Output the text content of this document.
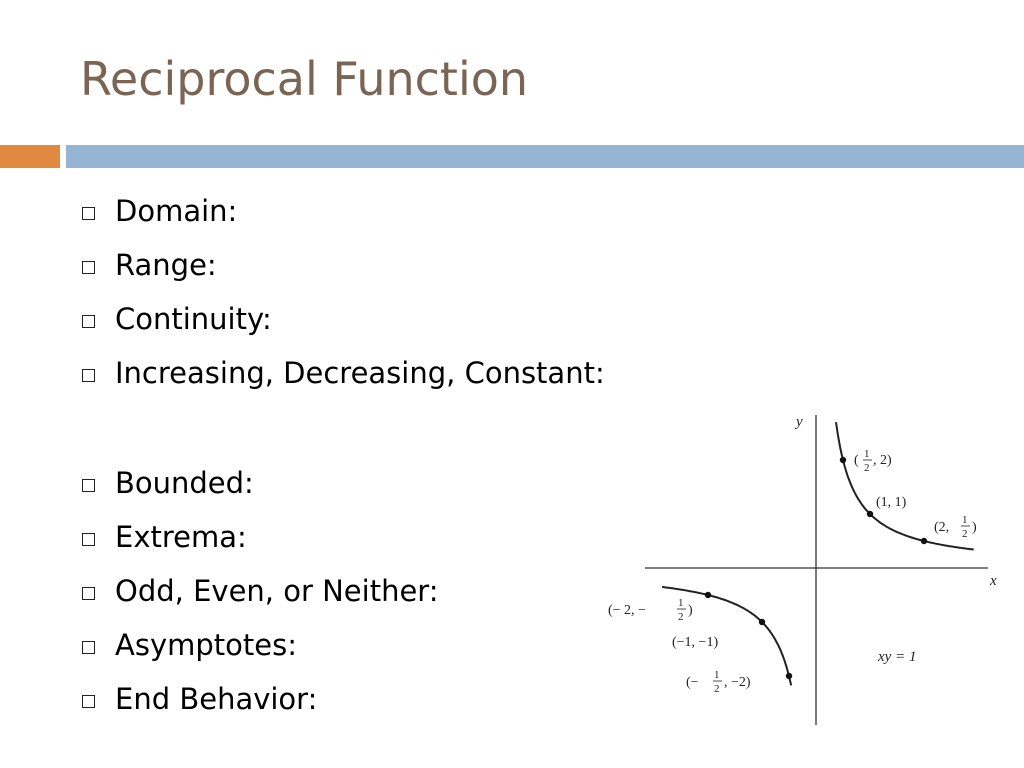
Reciprocal Function
Domain:
Range:
Continuity:
Increasing, Decreasing, Constant:
Bounded:
Extrema:
Odd, Even, or Neither:
Asymptotes:
End Behavior:
x
y
xy = 1
( 1
2 , 2)
(1, 1)
(2, 1
2 )
(− 2, −	1
2 )
(−1, −1)
(− 1
2 , −2)
